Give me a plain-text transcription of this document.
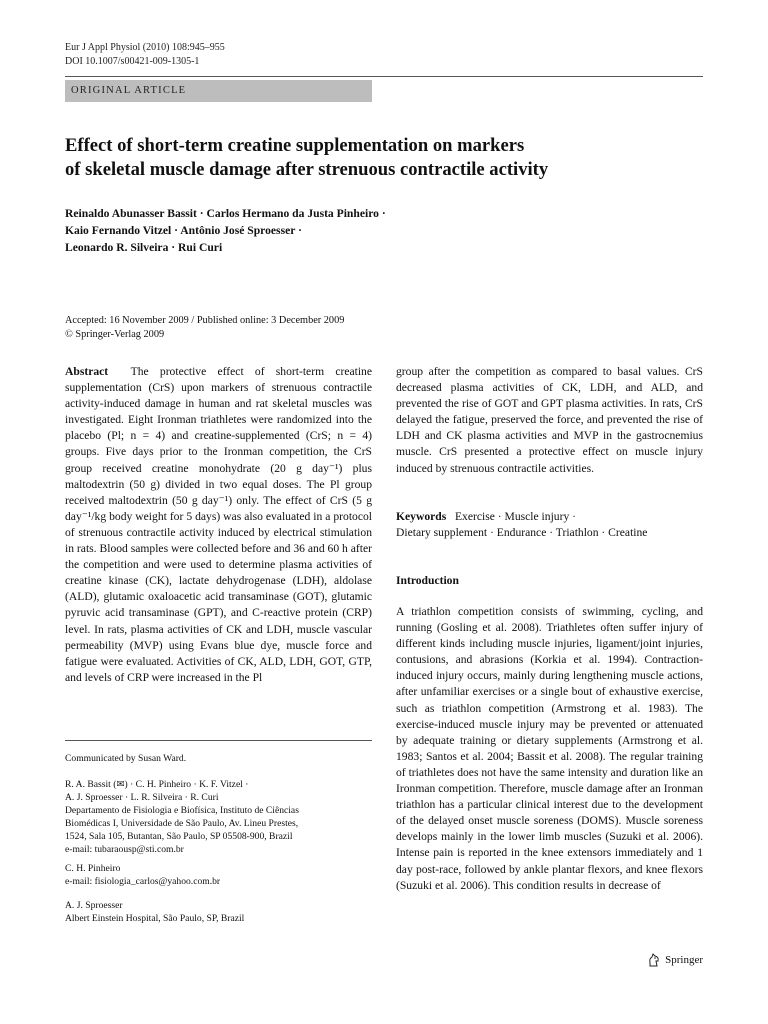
Eur J Appl Physiol (2010) 108:945–955
DOI 10.1007/s00421-009-1305-1
ORIGINAL ARTICLE
Effect of short-term creatine supplementation on markers
of skeletal muscle damage after strenuous contractile activity
Reinaldo Abunasser Bassit · Carlos Hermano da Justa Pinheiro ·
Kaio Fernando Vitzel · Antônio José Sproesser ·
Leonardo R. Silveira · Rui Curi
Accepted: 16 November 2009 / Published online: 3 December 2009
© Springer-Verlag 2009

Abstract The protective effect of short-term creatine supplementation (CrS) upon markers of strenuous contractile activity-induced damage in human and rat skeletal muscles was investigated. Eight Ironman triathletes were randomized into the placebo (Pl; n = 4) and creatine-supplemented (CrS; n = 4) groups. Five days prior to the Ironman competition, the CrS group received creatine monohydrate (20 g day⁻¹) plus maltodextrin (50 g) divided in two equal doses. The Pl group received maltodextrin (50 g day⁻¹) only. The effect of CrS (5 g day⁻¹/kg body weight for 5 days) was also evaluated in a protocol of strenuous contractile activity induced by electrical stimulation in rats. Blood samples were collected before and 36 and 60 h after the competition and were used to determine plasma activities of creatine kinase (CK), lactate dehydrogenase (LDH), aldolase (ALD), glutamic oxaloacetic acid transaminase (GOT), glutamic pyruvic acid transaminase (GPT), and C-reactive protein (CRP) level. In rats, plasma activities of CK and LDH, muscle vascular permeability (MVP) using Evans blue dye, muscle force and fatigue were evaluated. Activities of CK, ALD, LDH, GOT, GTP, and levels of CRP were increased in the Pl

group after the competition as compared to basal values. CrS decreased plasma activities of CK, LDH, and ALD, and prevented the rise of GOT and GPT plasma activities. In rats, CrS delayed the fatigue, preserved the force, and prevented the rise of LDH and CK plasma activities and MVP in the gastrocnemius muscle. CrS presented a protective effect on muscle injury induced by strenuous contractile activities.

Keywords Exercise · Muscle injury ·
Dietary supplement · Endurance · Triathlon · Creatine
Introduction

A triathlon competition consists of swimming, cycling, and running (Gosling et al. 2008). Triathletes often suffer injury of different kinds including muscle injuries, ligament/joint injuries, contusions, and abrasions (Korkia et al. 1994). Contraction-induced injury occurs, mainly during lengthening muscle actions, after unfamiliar exercises or a single bout of exhaustive exercise, such as triathlon competition (Armstrong et al. 1983). The exercise-induced muscle injury may be prevented or attenuated by adequate training or dietary supplements (Armstrong et al. 1983; Santos et al. 2004; Bassit et al. 2008). The regular training of triathletes does not have the same intensity and duration like an Ironman competition. Therefore, muscle damage after an Ironman triathlon has a particular clinical interest due to the development of the delayed onset muscle soreness (DOMS). Muscle soreness develops mainly in the lower limb muscles (Suzuki et al. 2006). Intense pain is reported in the knee extensors immediately and 1 day post-race, followed by ankle plantar flexors, and knee flexors (Suzuki et al. 2006). This condition results in decrease of

Communicated by Susan Ward.

R. A. Bassit (✉) · C. H. Pinheiro · K. F. Vitzel ·

A. J. Sproesser · L. R. Silveira · R. Curi

Departamento de Fisiologia e Biofísica, Instituto de Ciências

Biomédicas I, Universidade de São Paulo, Av. Lineu Prestes,

1524, Sala 105, Butantan, São Paulo, SP 05508-900, Brazil

e-mail: tubaraousp@sti.com.br

C. H. Pinheiro

e-mail: fisiologia_carlos@yahoo.com.br

A. J. Sproesser

Albert Einstein Hospital, São Paulo, SP, Brazil

Springer
